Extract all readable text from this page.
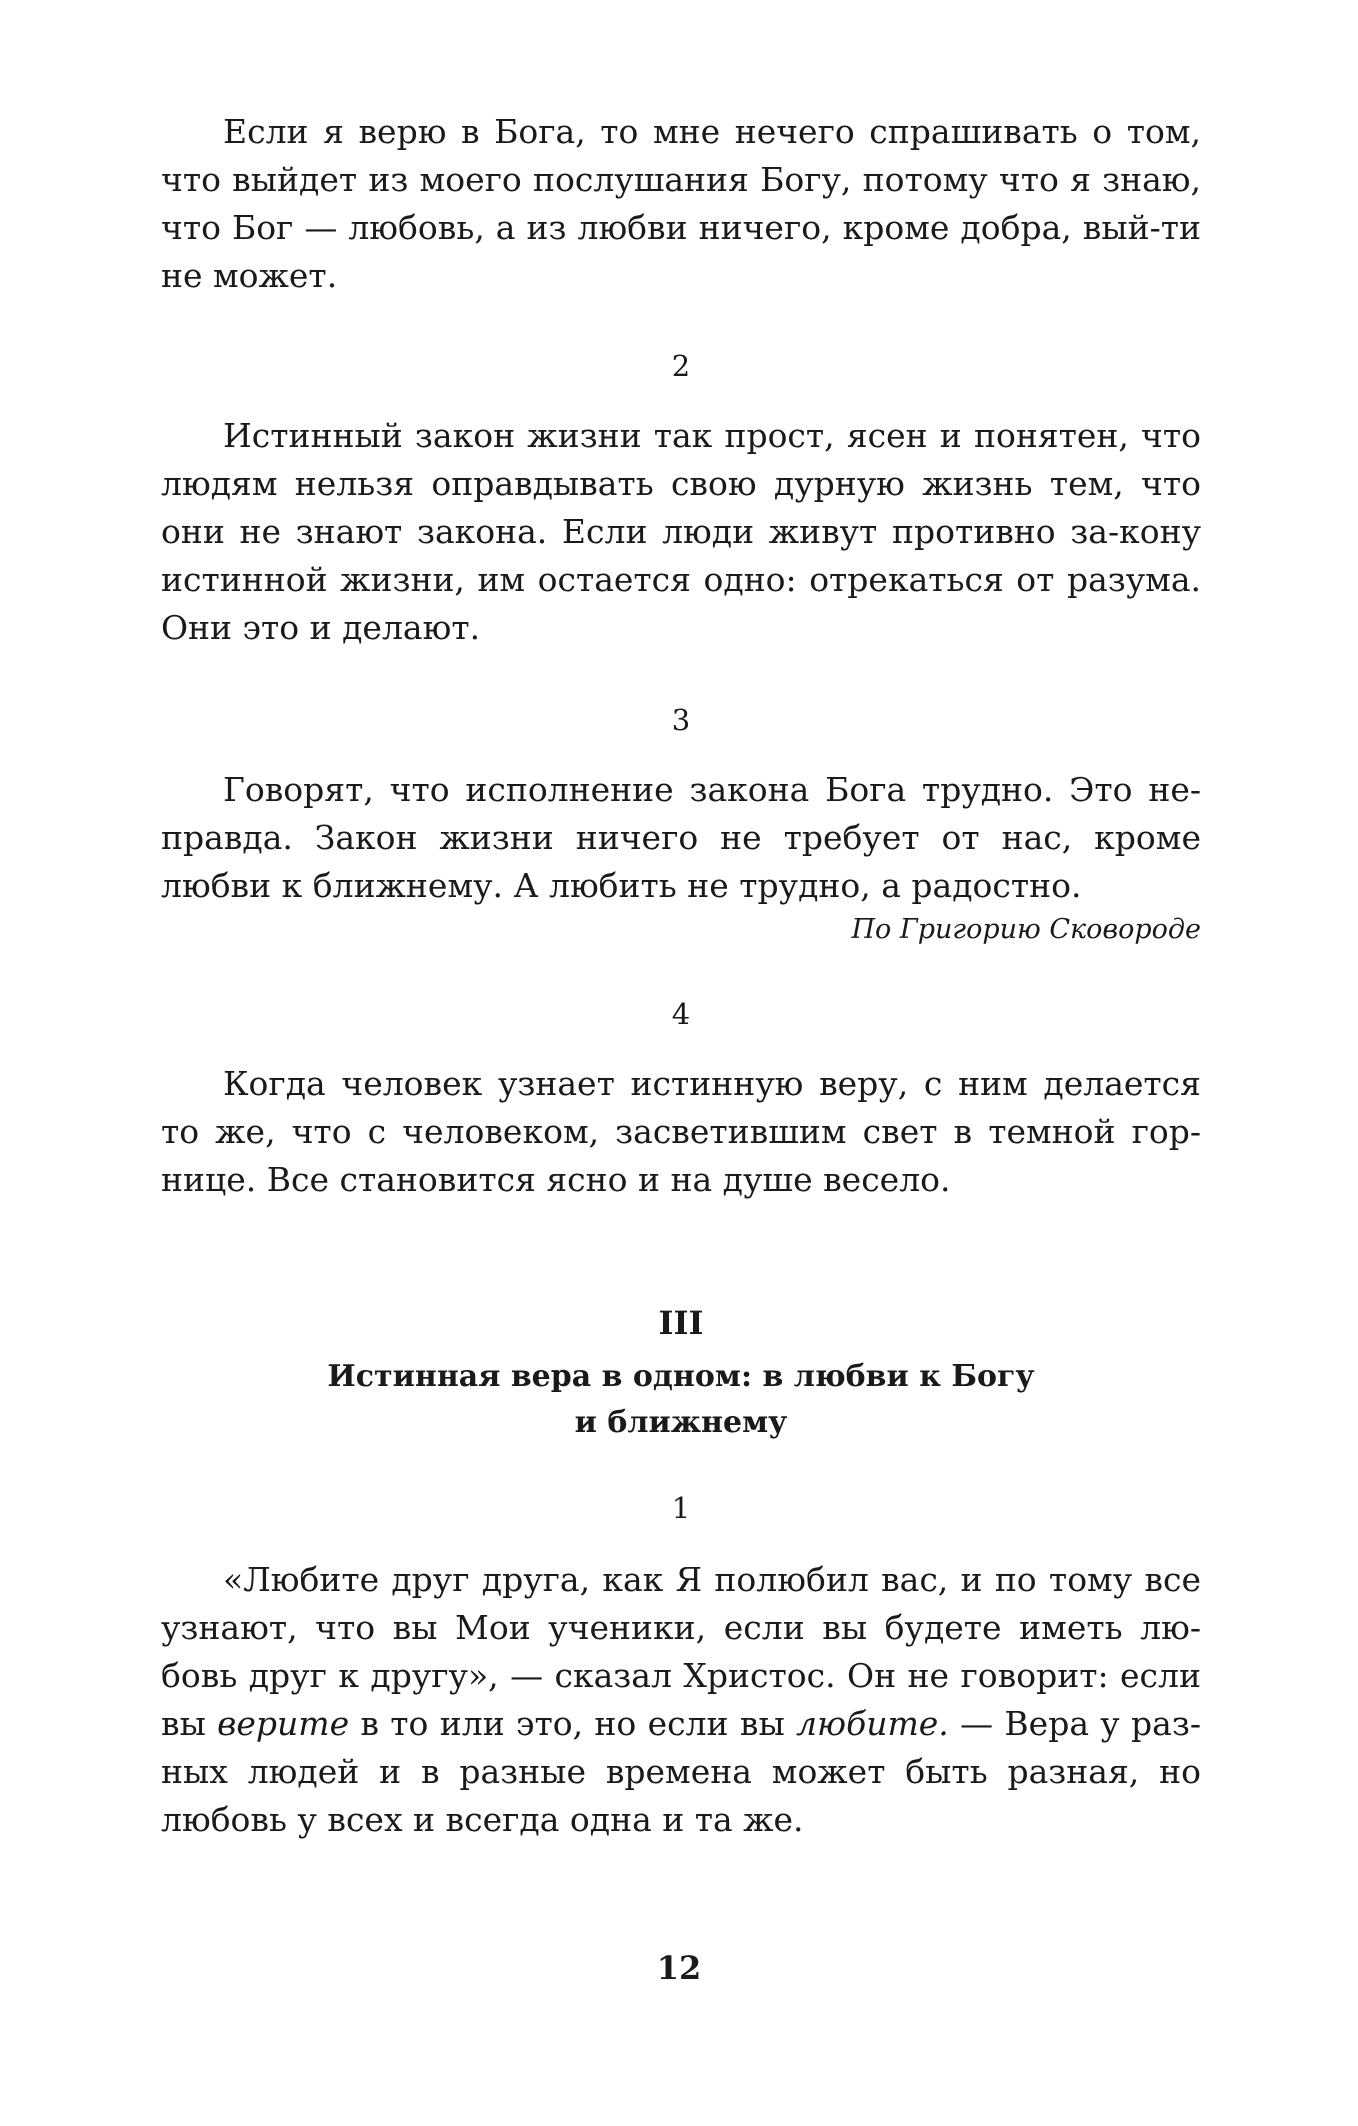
Если я верю в Бога, то мне нечего спрашивать о том, что выйдет из моего послушания Богу, потому что я знаю, что Бог — любовь, а из любви ничего, кроме добра, вый-ти не может.

2

Истинный закон жизни так прост, ясен и понятен, что людям нельзя оправдывать свою дурную жизнь тем, что они не знают закона. Если люди живут противно за-кону истинной жизни, им остается одно: отрекаться от разума. Они это и делают.

3

Говорят, что исполнение закона Бога трудно. Это не-правда. Закон жизни ничего не требует от нас, кроме любви к ближнему. А любить не трудно, а радостно.

По Григорию Сковороде

4

Когда человек узнает истинную веру, с ним делается то же, что с человеком, засветившим свет в темной гор-нице. Все становится ясно и на душе весело.

III

Истинная вера в одном: в любви к Богу

и ближнему

1

«Любите друг друга, как Я полюбил вас, и по тому все узнают, что вы Мои ученики, если вы будете иметь лю-бовь друг к другу», — сказал Христос. Он не говорит: если вы верите в то или это, но если вы любите. — Вера у раз-ных людей и в разные времена может быть разная, но любовь у всех и всегда одна и та же.

12
